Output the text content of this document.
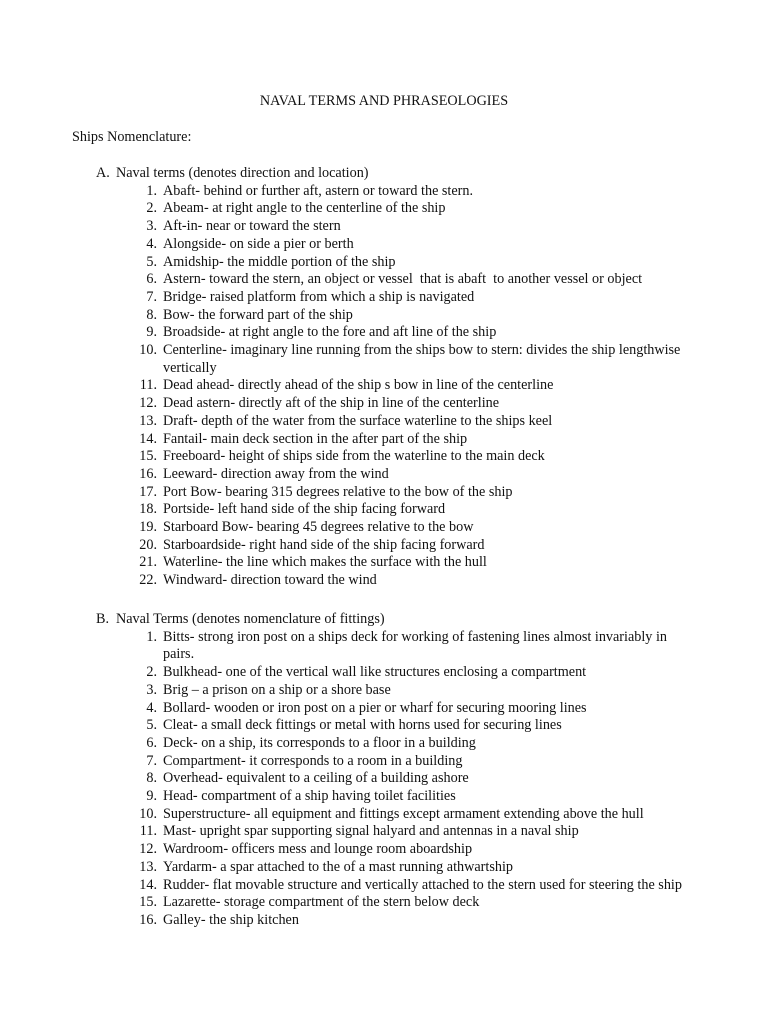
NAVAL TERMS AND PHRASEOLOGIES

Ships Nomenclature:

A. Naval terms (denotes direction and location)

1. Abaft- behind or further aft, astern or toward the stern.
2. Abeam- at right angle to the centerline of the ship
3. Aft-in- near or toward the stern
4. Alongside- on side a pier or berth
5. Amidship- the middle portion of the ship
6. Astern- toward the stern, an object or vessel  that is abaft  to another vessel or object
7. Bridge- raised platform from which a ship is navigated
8. Bow- the forward part of the ship
9. Broadside- at right angle to the fore and aft line of the ship
10. Centerline- imaginary line running from the ships bow to stern: divides the ship lengthwise vertically
11. Dead ahead- directly ahead of the ship s bow in line of the centerline
12. Dead astern- directly aft of the ship in line of the centerline
13. Draft- depth of the water from the surface waterline to the ships keel
14. Fantail- main deck section in the after part of the ship
15. Freeboard- height of ships side from the waterline to the main deck
16. Leeward- direction away from the wind
17. Port Bow- bearing 315 degrees relative to the bow of the ship
18. Portside- left hand side of the ship facing forward
19. Starboard Bow- bearing 45 degrees relative to the bow
20. Starboardside- right hand side of the ship facing forward
21. Waterline- the line which makes the surface with the hull
22. Windward- direction toward the wind

B. Naval Terms (denotes nomenclature of fittings)

1. Bitts- strong iron post on a ships deck for working of fastening lines almost invariably in pairs.
2. Bulkhead- one of the vertical wall like structures enclosing a compartment
3. Brig – a prison on a ship or a shore base
4. Bollard- wooden or iron post on a pier or wharf for securing mooring lines
5. Cleat- a small deck fittings or metal with horns used for securing lines
6. Deck- on a ship, its corresponds to a floor in a building
7. Compartment- it corresponds to a room in a building
8. Overhead- equivalent to a ceiling of a building ashore
9. Head- compartment of a ship having toilet facilities
10. Superstructure- all equipment and fittings except armament extending above the hull
11. Mast- upright spar supporting signal halyard and antennas in a naval ship
12. Wardroom- officers mess and lounge room aboardship
13. Yardarm- a spar attached to the of a mast running athwartship
14. Rudder- flat movable structure and vertically attached to the stern used for steering the ship
15. Lazarette- storage compartment of the stern below deck
16. Galley- the ship kitchen
